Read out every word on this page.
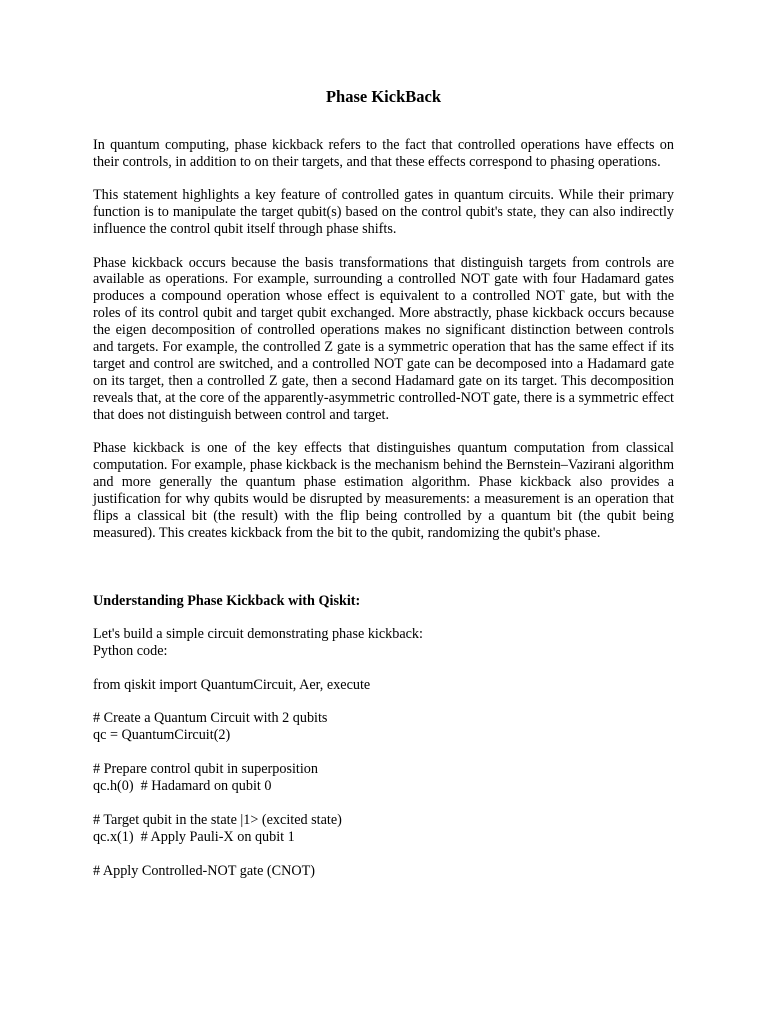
Phase KickBack

In quantum computing, phase kickback refers to the fact that controlled operations have effects on their controls, in addition to on their targets, and that these effects correspond to phasing operations.

This statement highlights a key feature of controlled gates in quantum circuits. While their primary function is to manipulate the target qubit(s) based on the control qubit's state, they can also indirectly influence the control qubit itself through phase shifts.

Phase kickback occurs because the basis transformations that distinguish targets from controls are available as operations. For example, surrounding a controlled NOT gate with four Hadamard gates produces a compound operation whose effect is equivalent to a controlled NOT gate, but with the roles of its control qubit and target qubit exchanged. More abstractly, phase kickback occurs because the eigen decomposition of controlled operations makes no significant distinction between controls and targets. For example, the controlled Z gate is a symmetric operation that has the same effect if its target and control are switched, and a controlled NOT gate can be decomposed into a Hadamard gate on its target, then a controlled Z gate, then a second Hadamard gate on its target. This decomposition reveals that, at the core of the apparently-asymmetric controlled-NOT gate, there is a symmetric effect that does not distinguish between control and target.

Phase kickback is one of the key effects that distinguishes quantum computation from classical computation. For example, phase kickback is the mechanism behind the Bernstein–Vazirani algorithm and more generally the quantum phase estimation algorithm. Phase kickback also provides a justification for why qubits would be disrupted by measurements: a measurement is an operation that flips a classical bit (the result) with the flip being controlled by a quantum bit (the qubit being measured). This creates kickback from the bit to the qubit, randomizing the qubit's phase.

Understanding Phase Kickback with Qiskit:
Let's build a simple circuit demonstrating phase kickback:
Python code:
from qiskit import QuantumCircuit, Aer, execute
# Create a Quantum Circuit with 2 qubits
qc = QuantumCircuit(2)
# Prepare control qubit in superposition
qc.h(0)  # Hadamard on qubit 0
# Target qubit in the state |1> (excited state)
qc.x(1)  # Apply Pauli-X on qubit 1
# Apply Controlled-NOT gate (CNOT)
